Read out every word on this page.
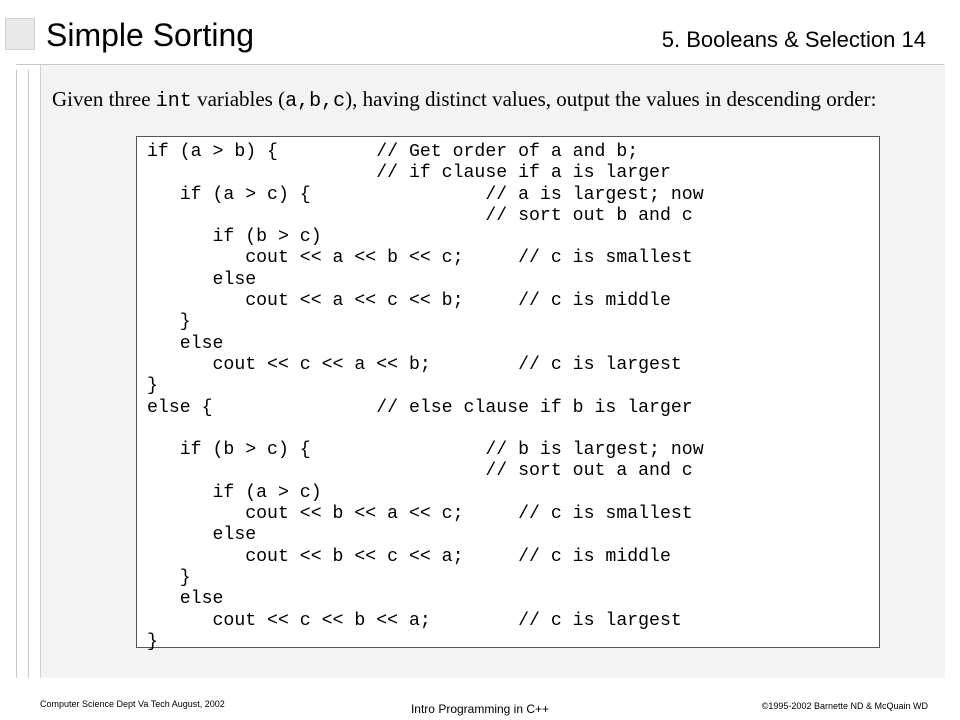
Simple Sorting	5. Booleans & Selection 14
Given three int variables (a,b,c), having distinct values, output the values in descending order:
if (a > b) {         // Get order of a and b;
// if clause if a is larger
if (a > c) {                // a is largest; now
// sort out b and c
if (b > c)
cout << a << b << c;     // c is smallest
else
cout << a << c << b;     // c is middle
}
else
cout << c << a << b;        // c is largest
}
else {               // else clause if b is larger

if (b > c) {                // b is largest; now
// sort out a and c
if (a > c)
cout << b << a << c;     // c is smallest
else
cout << b << c << a;     // c is middle
}
else
cout << c << b << a;        // c is largest
}
Computer Science Dept Va Tech August, 2002	Intro Programming in C++	©1995-2002 Barnette ND & McQuain WD
